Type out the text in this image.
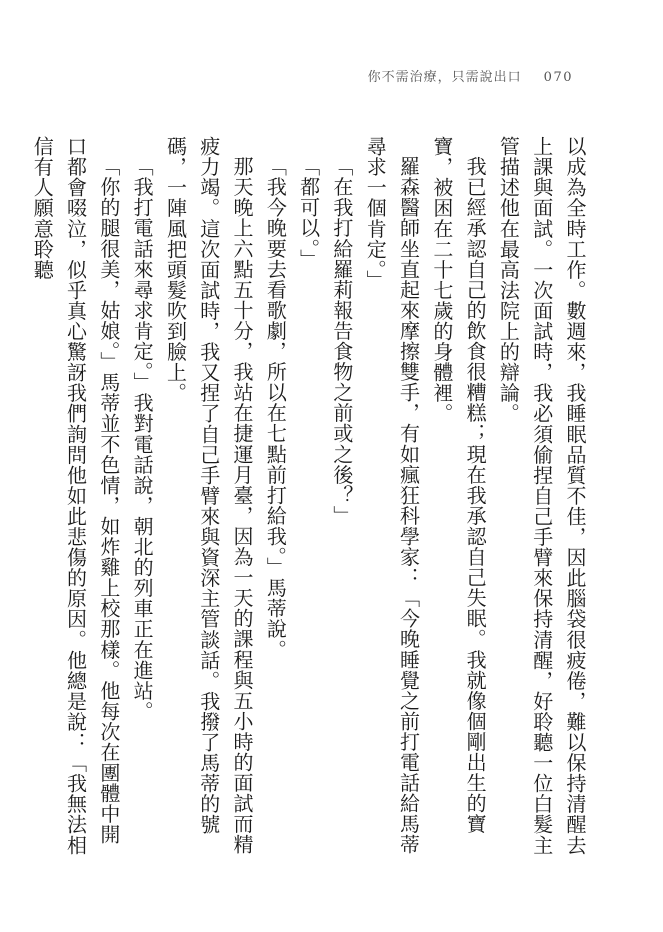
你不需治療，只需說出口 070

以成為全時工作。數週來，我睡眠品質不佳，因此腦袋很疲倦，難以保持清醒去上課與面試。一次面試時，我必須偷捏自己手臂來保持清醒，好聆聽一位白髮主管描述他在最高法院上的辯論。

我已經承認自己的飲食很糟糕；現在我承認自己失眠。我就像個剛出生的寶寶，被困在二十七歲的身體裡。

羅森醫師坐直起來摩擦雙手，有如瘋狂科學家：「今晚睡覺之前打電話給馬蒂尋求一個肯定。」

「在我打給羅莉報告食物之前或之後？」

「都可以。」

「我今晚要去看歌劇，所以在七點前打給我。」馬蒂說。

那天晚上六點五十分，我站在捷運月臺，因為一天的課程與五小時的面試而精疲力竭。這次面試時，我又捏了自己手臂來與資深主管談話。我撥了馬蒂的號碼，一陣風把頭髮吹到臉上。

「我打電話來尋求肯定。」我對電話說，朝北的列車正在進站。

「你的腿很美，姑娘。」馬蒂並不色情，如炸雞上校那樣。他每次在團體中開口都會啜泣，似乎真心驚訝我們詢問他如此悲傷的原因。他總是說：「我無法相信有人願意聆聽
